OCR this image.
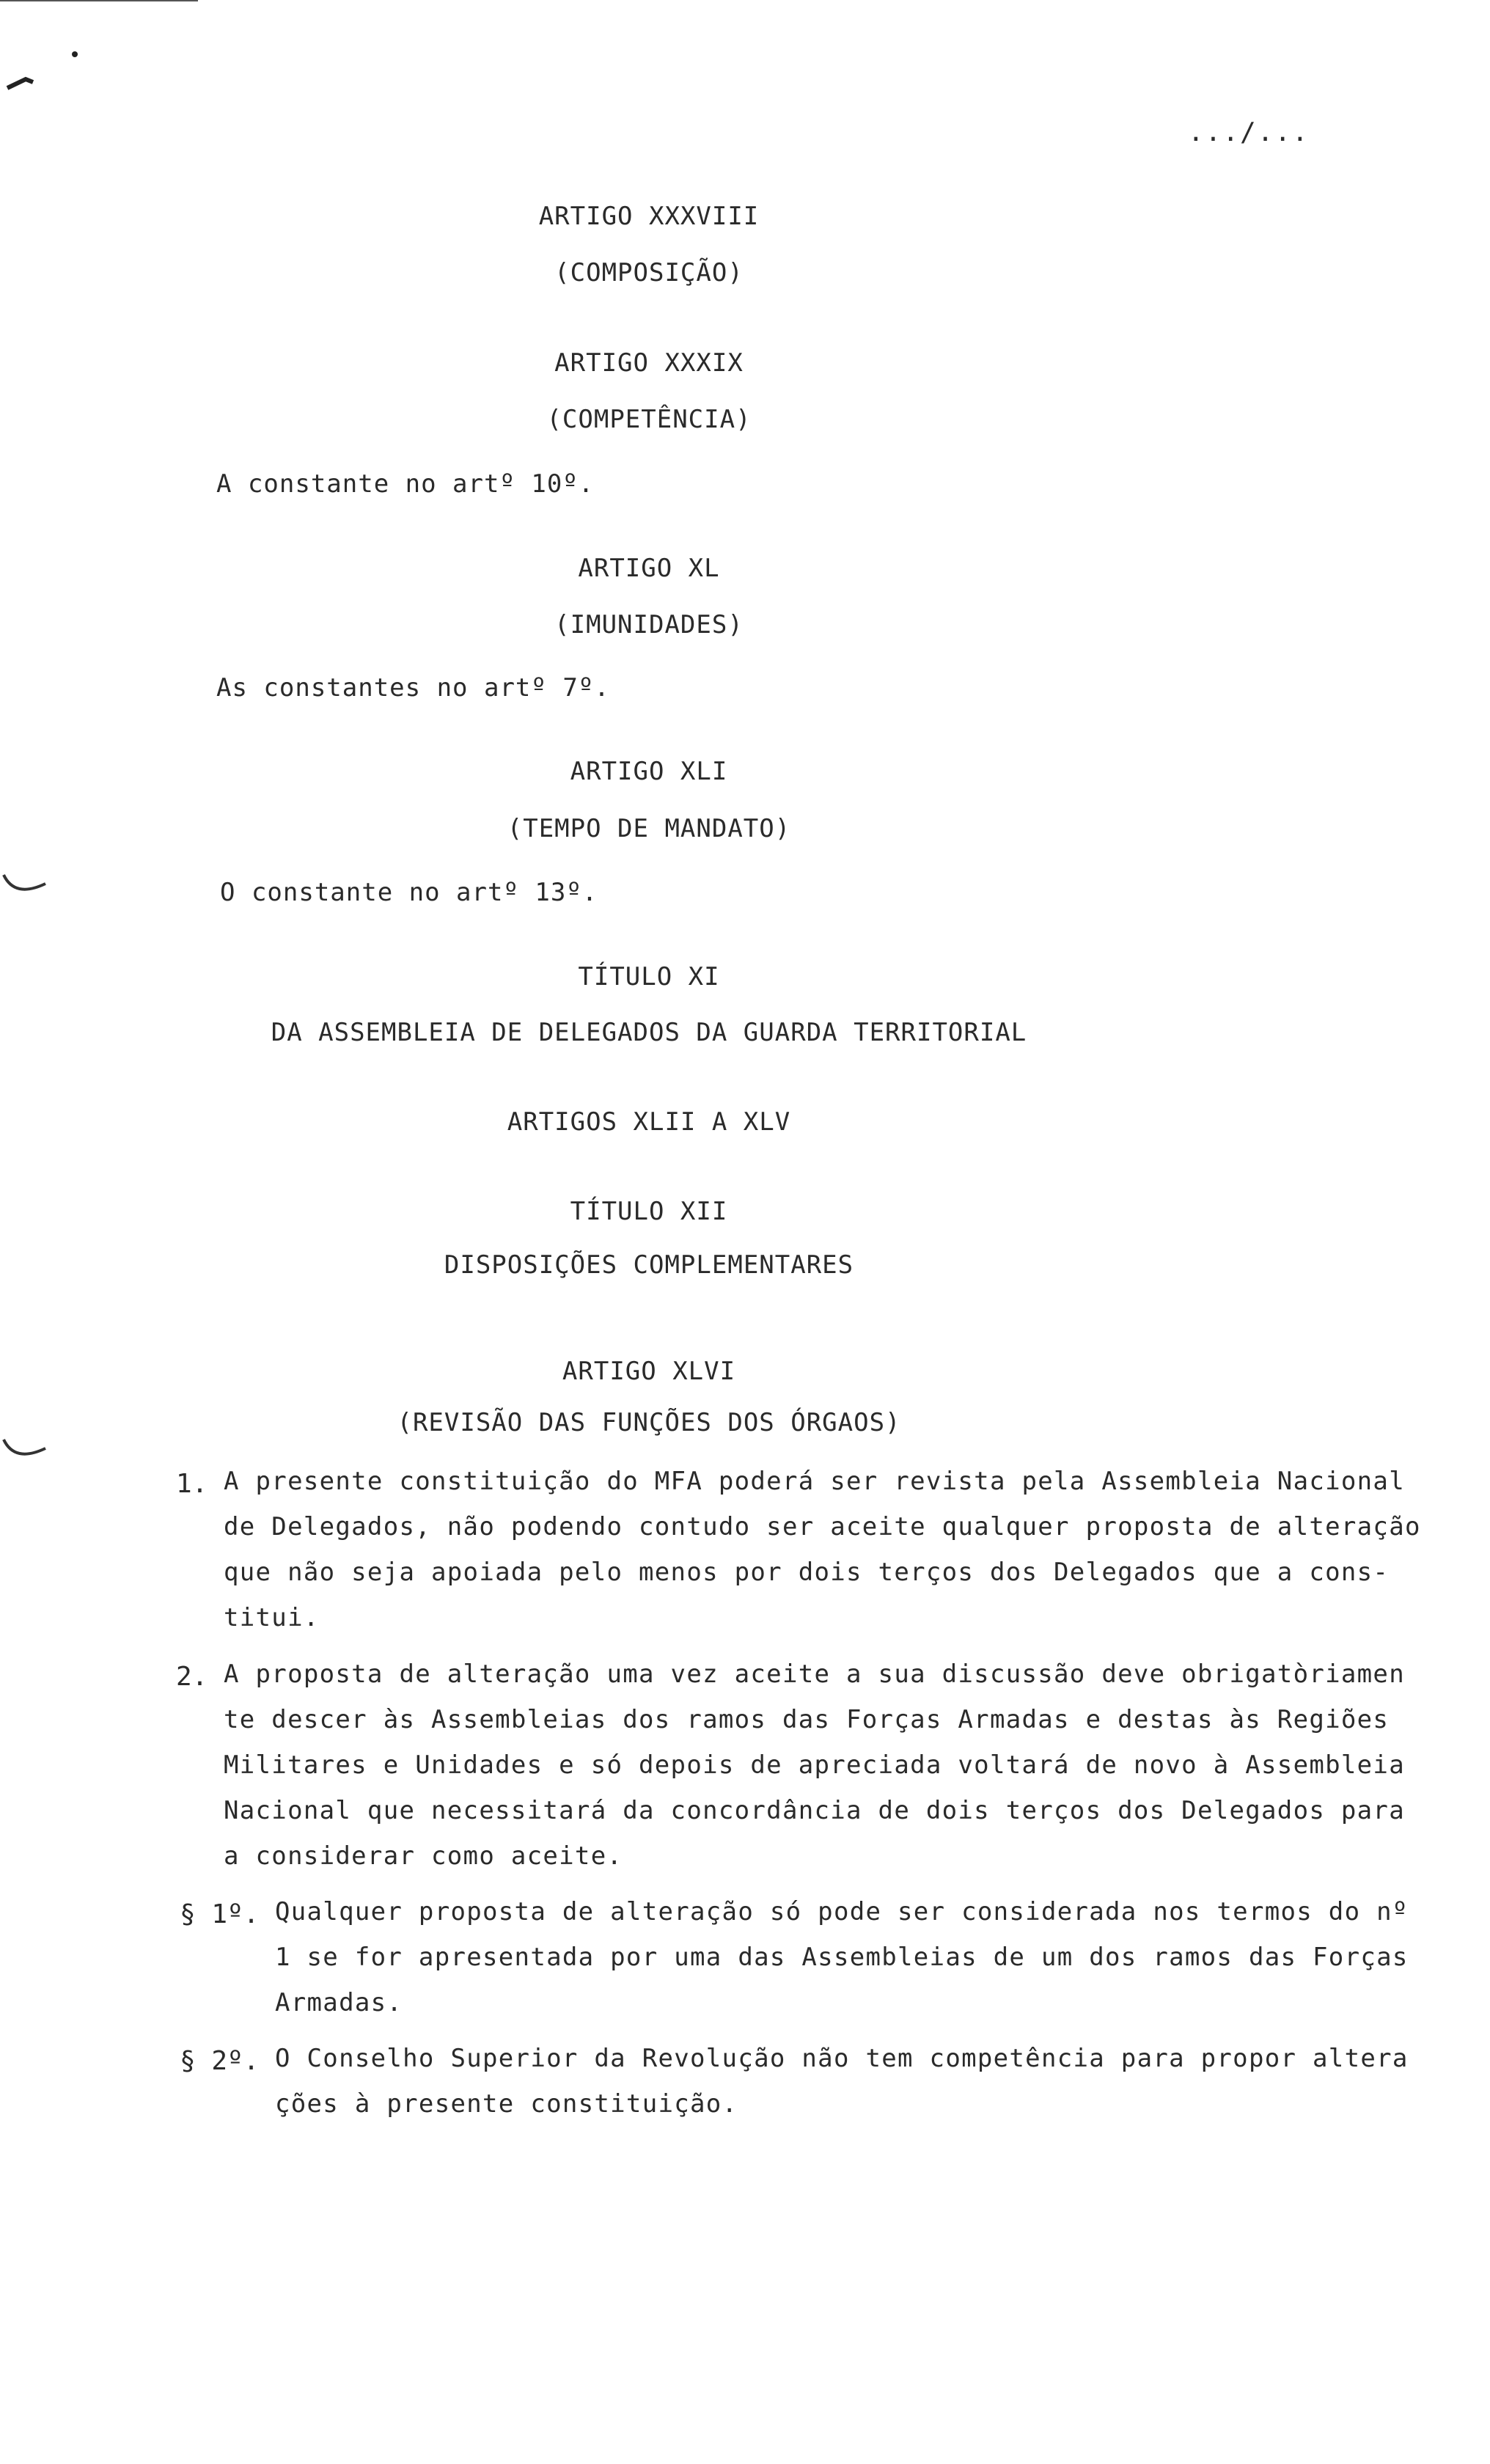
.../...
ARTIGO XXXVIII
(COMPOSIÇÃO)
ARTIGO XXXIX
(COMPETÊNCIA)
A constante no artº 10º.
ARTIGO XL
(IMUNIDADES)
As constantes no artº 7º.
ARTIGO XLI
(TEMPO DE MANDATO)
O constante no artº 13º.
TÍTULO XI
DA ASSEMBLEIA DE DELEGADOS DA GUARDA TERRITORIAL
ARTIGOS XLII A XLV
TÍTULO XII
DISPOSIÇÕES COMPLEMENTARES
ARTIGO XLVI
(REVISÃO DAS FUNÇÕES DOS ÓRGAOS)
1. A presente constituição do MFA poderá ser revista pela Assembleia Nacional
de Delegados, não podendo contudo ser aceite qualquer proposta de alteração
que não seja apoiada pelo menos por dois terços dos Delegados que a cons-
titui.
2. A proposta de alteração uma vez aceite a sua discussão deve obrigatòriamen
te descer às Assembleias dos ramos das Forças Armadas e destas às Regiões
Militares e Unidades e só depois de apreciada voltará de novo à Assembleia
Nacional que necessitará da concordância de dois terços dos Delegados para
a considerar como aceite.
§ 1º. Qualquer proposta de alteração só pode ser considerada nos termos do nº
1 se for apresentada por uma das Assembleias de um dos ramos das Forças
Armadas.
§ 2º. O Conselho Superior da Revolução não tem competência para propor altera
ções à presente constituição.
